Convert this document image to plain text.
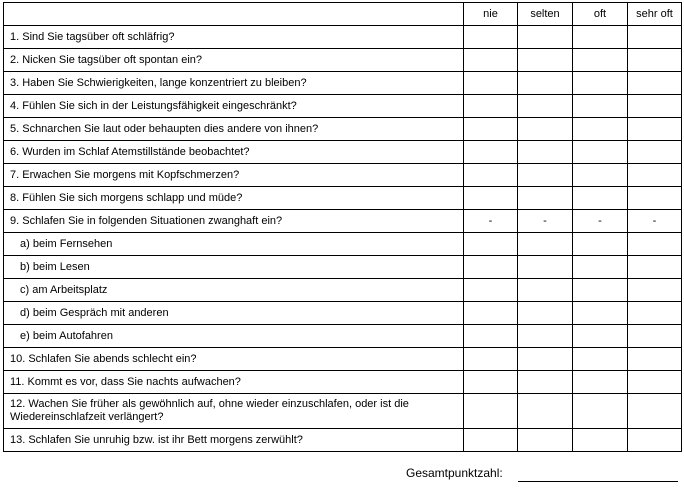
	nie	selten	oft	sehr oft
1. Sind Sie tagsüber oft schläfrig?				
2. Nicken Sie tagsüber oft spontan ein?				
3. Haben Sie Schwierigkeiten, lange konzentriert zu bleiben?				
4. Fühlen Sie sich in der Leistungsfähigkeit eingeschränkt?				
5. Schnarchen Sie laut oder behaupten dies andere von ihnen?				
6. Wurden im Schlaf Atemstillstände beobachtet?				
7. Erwachen Sie morgens mit Kopfschmerzen?				
8. Fühlen Sie sich morgens schlapp und müde?				
9. Schlafen Sie in folgenden Situationen zwanghaft ein?	-	-	-	-
a) beim Fernsehen				
b) beim Lesen				
c) am Arbeitsplatz				
d) beim Gespräch mit anderen				
e) beim Autofahren				
10. Schlafen Sie abends schlecht ein?				
11. Kommt es vor, dass Sie nachts aufwachen?				
12. Wachen Sie früher als gewöhnlich auf, ohne wieder einzuschlafen, oder ist die Wiedereinschlafzeit verlängert?				
13. Schlafen Sie unruhig bzw. ist ihr Bett morgens zerwühlt?				
Gesamtpunktzahl:
